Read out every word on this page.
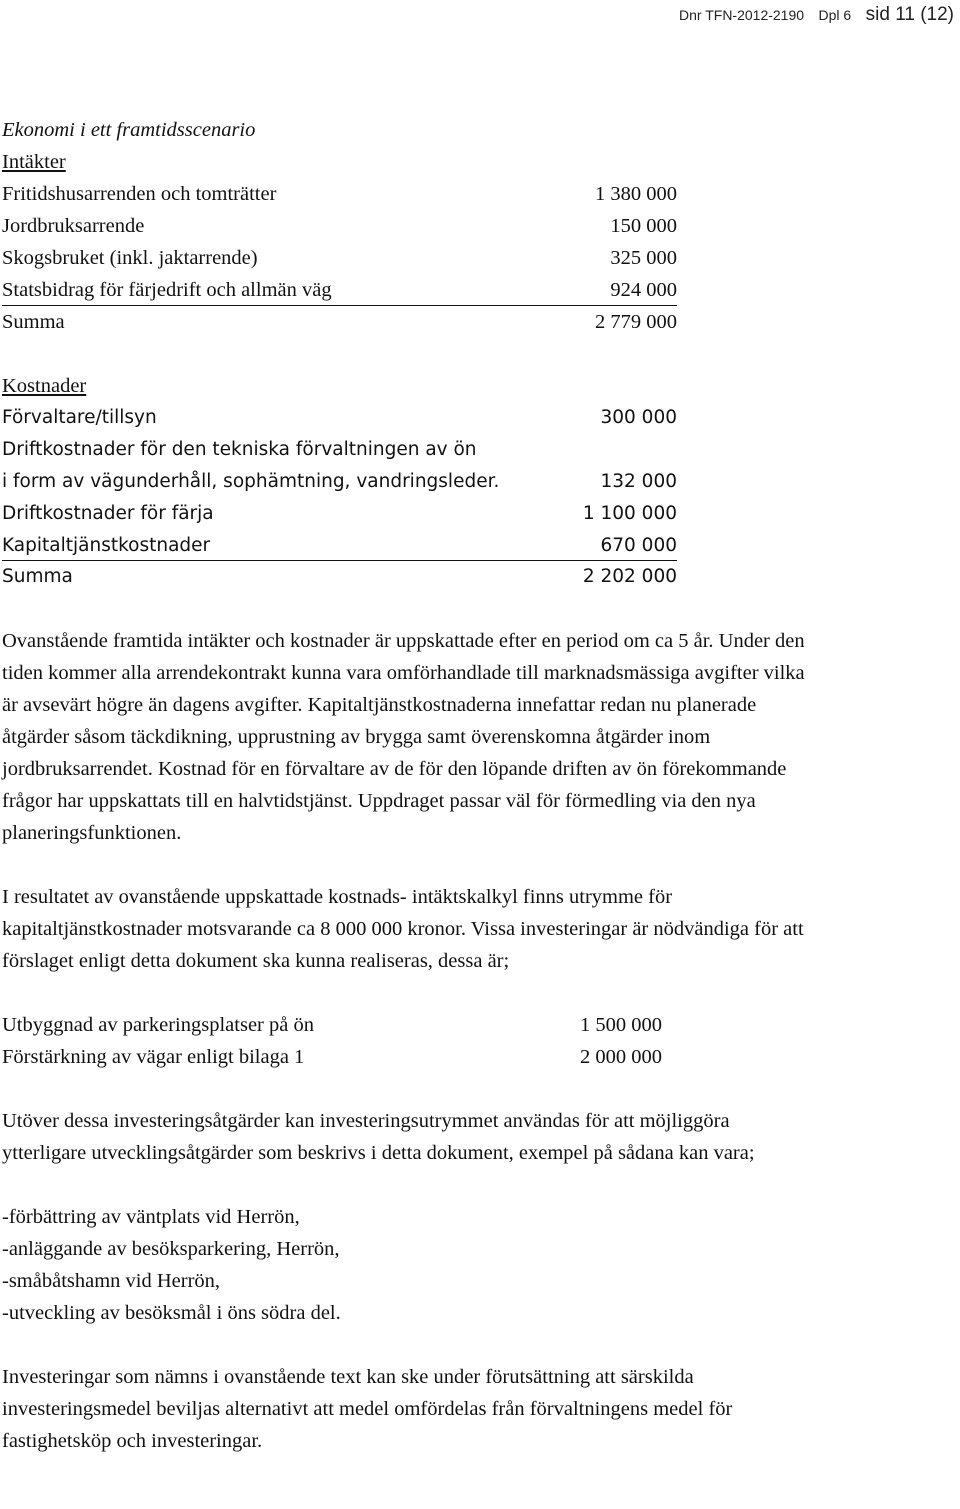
Dnr TFN-2012-2190 Dpl 6 sid 11 (12)

Ekonomi i ett framtidsscenario

Intäkter

Fritidshusarrenden och tomträtter	1 380 000
Jordbruksarrende	150 000
Skogsbruket (inkl. jaktarrende)	325 000
Statsbidrag för färjedrift och allmän väg	924 000
Summa	2 779 000

Kostnader

Förvaltare/tillsyn	300 000
Driftkostnader för den tekniska förvaltningen av ön
i form av vägunderhåll, sophämtning, vandringsleder.	132 000
Driftkostnader för färja	1 100 000
Kapitaltjänstkostnader	670 000
Summa	2 202 000

Ovanstående framtida intäkter och kostnader är uppskattade efter en period om ca 5 år. Under den tiden kommer alla arrendekontrakt kunna vara omförhandlade till marknadsmässiga avgifter vilka är avsevärt högre än dagens avgifter. Kapitaltjänstkostnaderna innefattar redan nu planerade åtgärder såsom täckdikning, upprustning av brygga samt överenskomna åtgärder inom jordbruksarrendet. Kostnad för en förvaltare av de för den löpande driften av ön förekommande frågor har uppskattats till en halvtidstjänst. Uppdraget passar väl för förmedling via den nya planeringsfunktionen.

I resultatet av ovanstående uppskattade kostnads- intäktskalkyl finns utrymme för kapitaltjänstkostnader motsvarande ca 8 000 000 kronor. Vissa investeringar är nödvändiga för att förslaget enligt detta dokument ska kunna realiseras, dessa är;

Utbyggnad av parkeringsplatser på ön	1 500 000
Förstärkning av vägar enligt bilaga 1	2 000 000

Utöver dessa investeringsåtgärder kan investeringsutrymmet användas för att möjliggöra ytterligare utvecklingsåtgärder som beskrivs i detta dokument, exempel på sådana kan vara;

-förbättring av väntplats vid Herrön,

-anläggande av besöksparkering, Herrön,

-småbåtshamn vid Herrön,

-utveckling av besöksmål i öns södra del.

Investeringar som nämns i ovanstående text kan ske under förutsättning att särskilda investeringsmedel beviljas alternativt att medel omfördelas från förvaltningens medel för fastighetsköp och investeringar.
